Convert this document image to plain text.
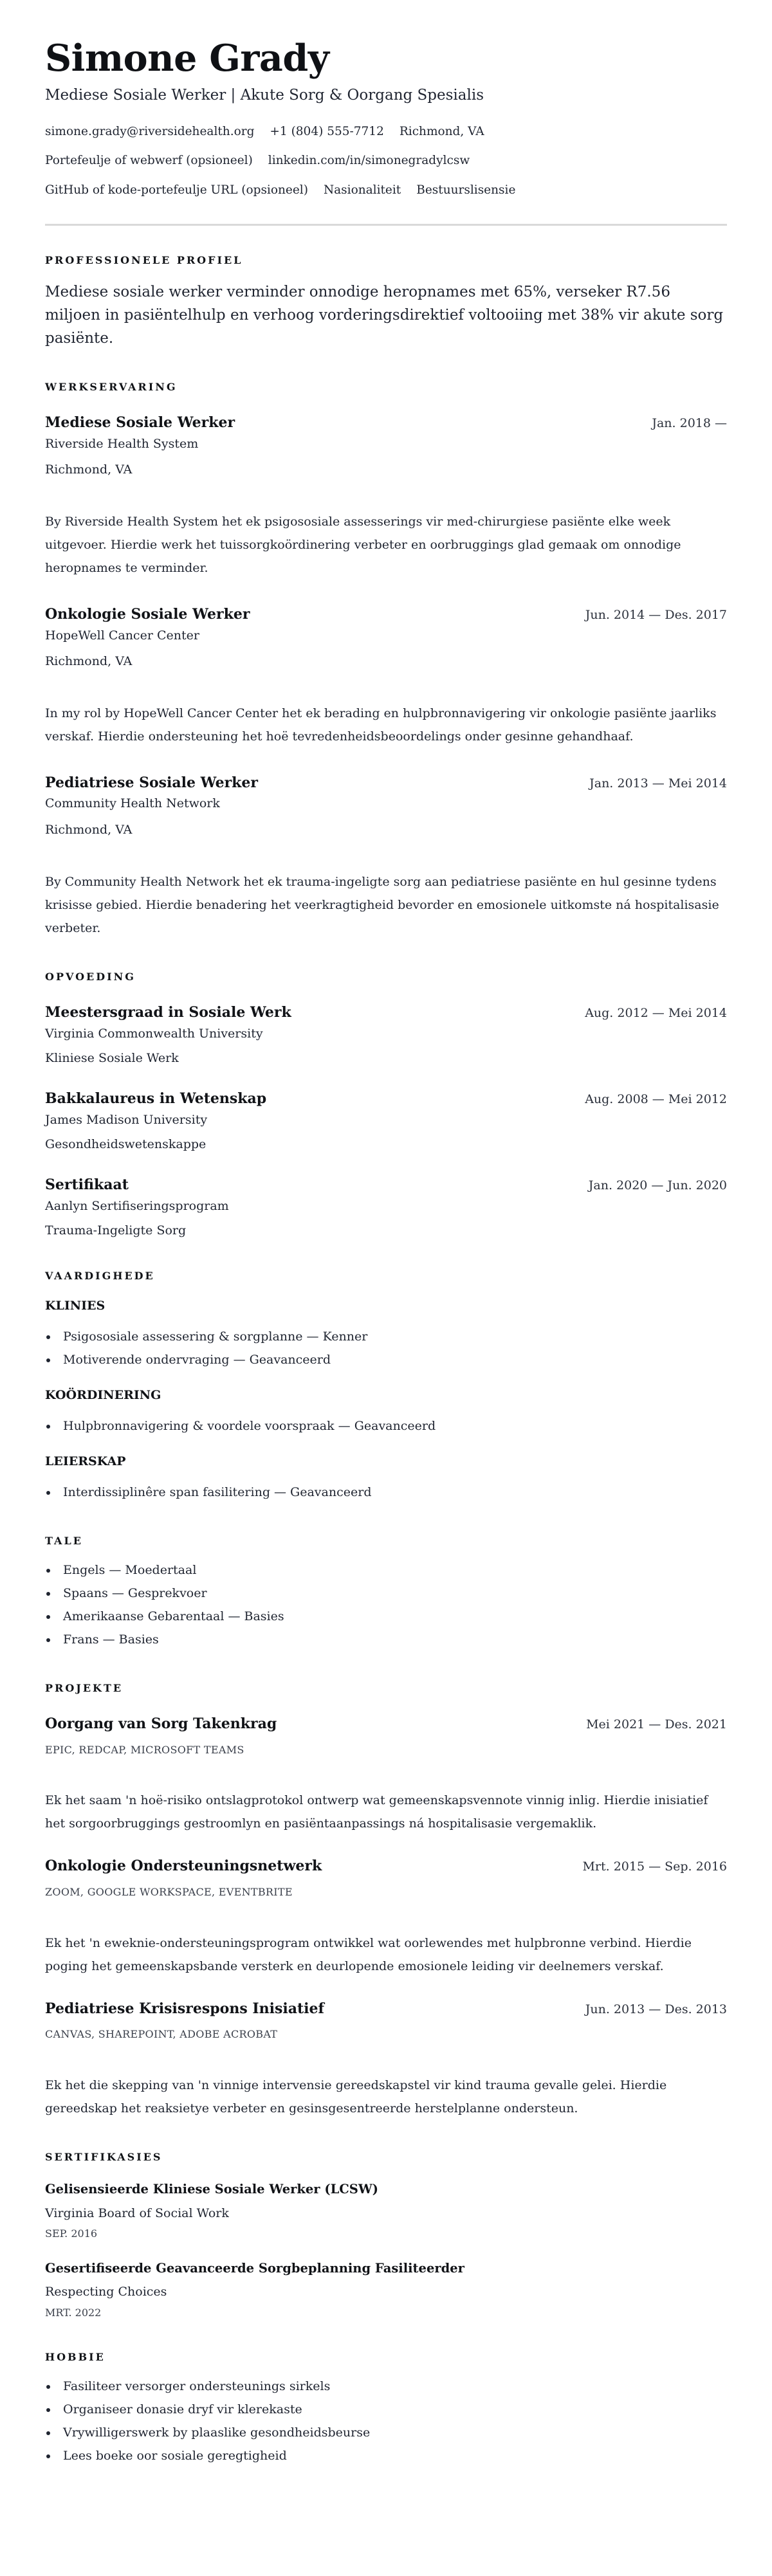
Simone Grady
Mediese Sosiale Werker | Akute Sorg & Oorgang Spesialis
simone.grady@riversidehealth.org +1 (804) 555-7712 Richmond, VA
Portefeulje of webwerf (opsioneel) linkedin.com/in/simonegradylcsw
GitHub of kode-portefeulje URL (opsioneel) Nasionaliteit Bestuurslisensie
PROFESSIONELE PROFIEL

Mediese sosiale werker verminder onnodige heropnames met 65%, verseker R7.56 miljoen in pasiëntelhulp en verhoog vorderingsdirektief voltooiing met 38% vir akute sorg pasiënte.

WERKSERVARING
Mediese Sosiale Werker	Jan. 2018 —
Riverside Health System
Richmond, VA

By Riverside Health System het ek psigososiale assesserings vir med-chirurgiese pasiënte elke week uitgevoer. Hierdie werk het tuissorgkoördinering verbeter en oorbruggings glad gemaak om onnodige heropnames te verminder.

Onkologie Sosiale Werker	Jun. 2014 — Des. 2017
HopeWell Cancer Center
Richmond, VA

In my rol by HopeWell Cancer Center het ek berading en hulpbronnavigering vir onkologie pasiënte jaarliks verskaf. Hierdie ondersteuning het hoë tevredenheidsbeoordelings onder gesinne gehandhaaf.

Pediatriese Sosiale Werker	Jan. 2013 — Mei 2014
Community Health Network
Richmond, VA

By Community Health Network het ek trauma-ingeligte sorg aan pediatriese pasiënte en hul gesinne tydens krisisse gebied. Hierdie benadering het veerkragtigheid bevorder en emosionele uitkomste ná hospitalisasie verbeter.

OPVOEDING
Meestersgraad in Sosiale Werk	Aug. 2012 — Mei 2014
Virginia Commonwealth University
Kliniese Sosiale Werk
Bakkalaureus in Wetenskap	Aug. 2008 — Mei 2012
James Madison University
Gesondheidswetenskappe
Sertifikaat	Jan. 2020 — Jun. 2020
Aanlyn Sertifiseringsprogram
Trauma-Ingeligte Sorg
VAARDIGHEDE
KLINIES
Psigososiale assessering & sorgplanne — Kenner
Motiverende ondervraging — Geavanceerd
KOÖRDINERING
Hulpbronnavigering & voordele voorspraak — Geavanceerd
LEIERSKAP
Interdissiplinêre span fasilitering — Geavanceerd
TALE
Engels — Moedertaal
Spaans — Gesprekvoer
Amerikaanse Gebarentaal — Basies
Frans — Basies
PROJEKTE
Oorgang van Sorg Takenkrag	Mei 2021 — Des. 2021
EPIC, REDCAP, MICROSOFT TEAMS

Ek het saam 'n hoë-risiko ontslagprotokol ontwerp wat gemeenskapsvennote vinnig inlig. Hierdie inisiatief het sorgoorbruggings gestroomlyn en pasiëntaanpassings ná hospitalisasie vergemaklik.

Onkologie Ondersteuningsnetwerk	Mrt. 2015 — Sep. 2016
ZOOM, GOOGLE WORKSPACE, EVENTBRITE

Ek het 'n eweknie-ondersteuningsprogram ontwikkel wat oorlewendes met hulpbronne verbind. Hierdie poging het gemeenskapsbande versterk en deurlopende emosionele leiding vir deelnemers verskaf.

Pediatriese Krisisrespons Inisiatief	Jun. 2013 — Des. 2013
CANVAS, SHAREPOINT, ADOBE ACROBAT

Ek het die skepping van 'n vinnige intervensie gereedskapstel vir kind trauma gevalle gelei. Hierdie gereedskap het reaksietye verbeter en gesinsgesentreerde herstelplanne ondersteun.

SERTIFIKASIES
Gelisensieerde Kliniese Sosiale Werker (LCSW)
Virginia Board of Social Work
SEP. 2016
Gesertifiseerde Geavanceerde Sorgbeplanning Fasiliteerder
Respecting Choices
MRT. 2022
HOBBIE
Fasiliteer versorger ondersteunings sirkels
Organiseer donasie dryf vir klerekaste
Vrywilligerswerk by plaaslike gesondheidsbeurse
Lees boeke oor sosiale geregtigheid
